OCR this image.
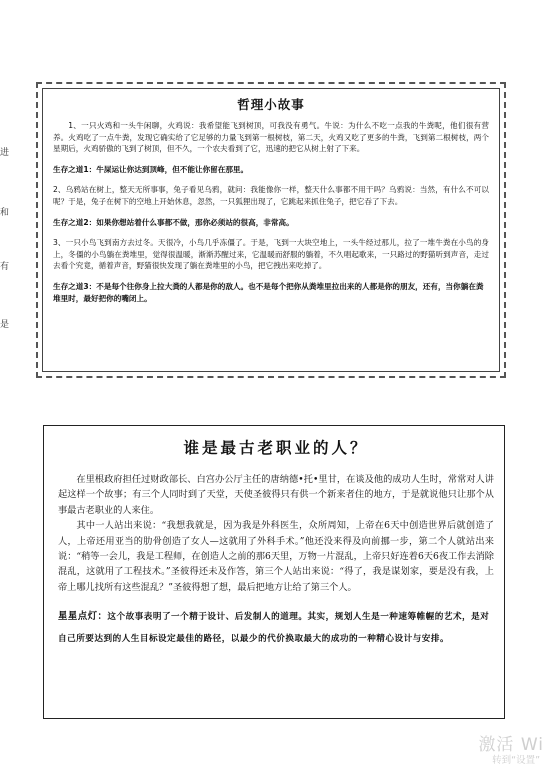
进
和
有
是
哲理小故事

1、一只火鸡和一头牛闲聊，火鸡说：我希望能飞到树顶，可我没有勇气。牛说：为什么不吃一点我的牛粪呢，他们很有营养。火鸡吃了一点牛粪，发现它确实给了它足够的力量飞到第一根树枝，第二天，火鸡又吃了更多的牛粪，飞到第二根树枝，两个星期后，火鸡骄傲的飞到了树顶，但不久，一个农夫看到了它，迅速的把它从树上射了下来。

生存之道1：牛屎运让你达到顶峰，但不能让你留在那里。

2、乌鸦站在树上，整天无所事事，兔子看见乌鸦，就问：我能像你一样，整天什么事都不用干吗？乌鸦说：当然，有什么不可以呢？于是，兔子在树下的空地上开始休息，忽然，一只狐狸出现了，它跳起来抓住兔子，把它吞了下去。

生存之道2：如果你想站着什么事都不做，那你必须站的很高，非常高。

3、一只小鸟飞到南方去过冬。天很冷，小鸟几乎冻僵了。于是，飞到一大块空地上，一头牛经过那儿，拉了一堆牛粪在小鸟的身上，冬僵的小鸟躺在粪堆里，觉得很温暖，渐渐苏醒过来，它温暖而舒服的躺着，不久唱起歌来，一只路过的野猫听到声音，走过去看个究竟，循着声音，野猫很快发现了躺在粪堆里的小鸟，把它拽出来吃掉了。

生存之道3：不是每个往你身上拉大粪的人都是你的敌人。也不是每个把你从粪堆里拉出来的人都是你的朋友，还有，当你躺在粪堆里时，最好把你的嘴闭上。

谁是最古老职业的人？

在里根政府担任过财政部长、白宫办公厅主任的唐纳德•托•里甘，在谈及他的成功人生时，常常对人讲起这样一个故事；有三个人同时到了天堂，天使圣彼得只有供一个新来者住的地方，于是就说他只让那个从事最古老职业的人来住。

其中一人站出来说：“我想我就是，因为我是外科医生，众所周知，上帝在6天中创造世界后就创造了人，上帝还用亚当的肋骨创造了女人—这就用了外科手术。”他还没来得及向前挪一步，第二个人就站出来说：“稍等一会儿，我是工程师，在创造人之前的那6天里，万物一片混乱，上帝只好连着6天6夜工作去消除混乱，这就用了工程技术。”圣彼得还未及作答，第三个人站出来说：“得了，我是谋划家，要是没有我，上帝上哪儿找所有这些混乱？”圣彼得想了想，最后把地方让给了第三个人。

星星点灯：这个故事表明了一个精于设计、后发制人的道理。其实，规划人生是一种速筹帷幄的艺术，是对自己所要达到的人生目标设定最佳的路径，以最少的代价换取最大的成功的一种精心设计与安排。
激活 Wi
转到“设置”
